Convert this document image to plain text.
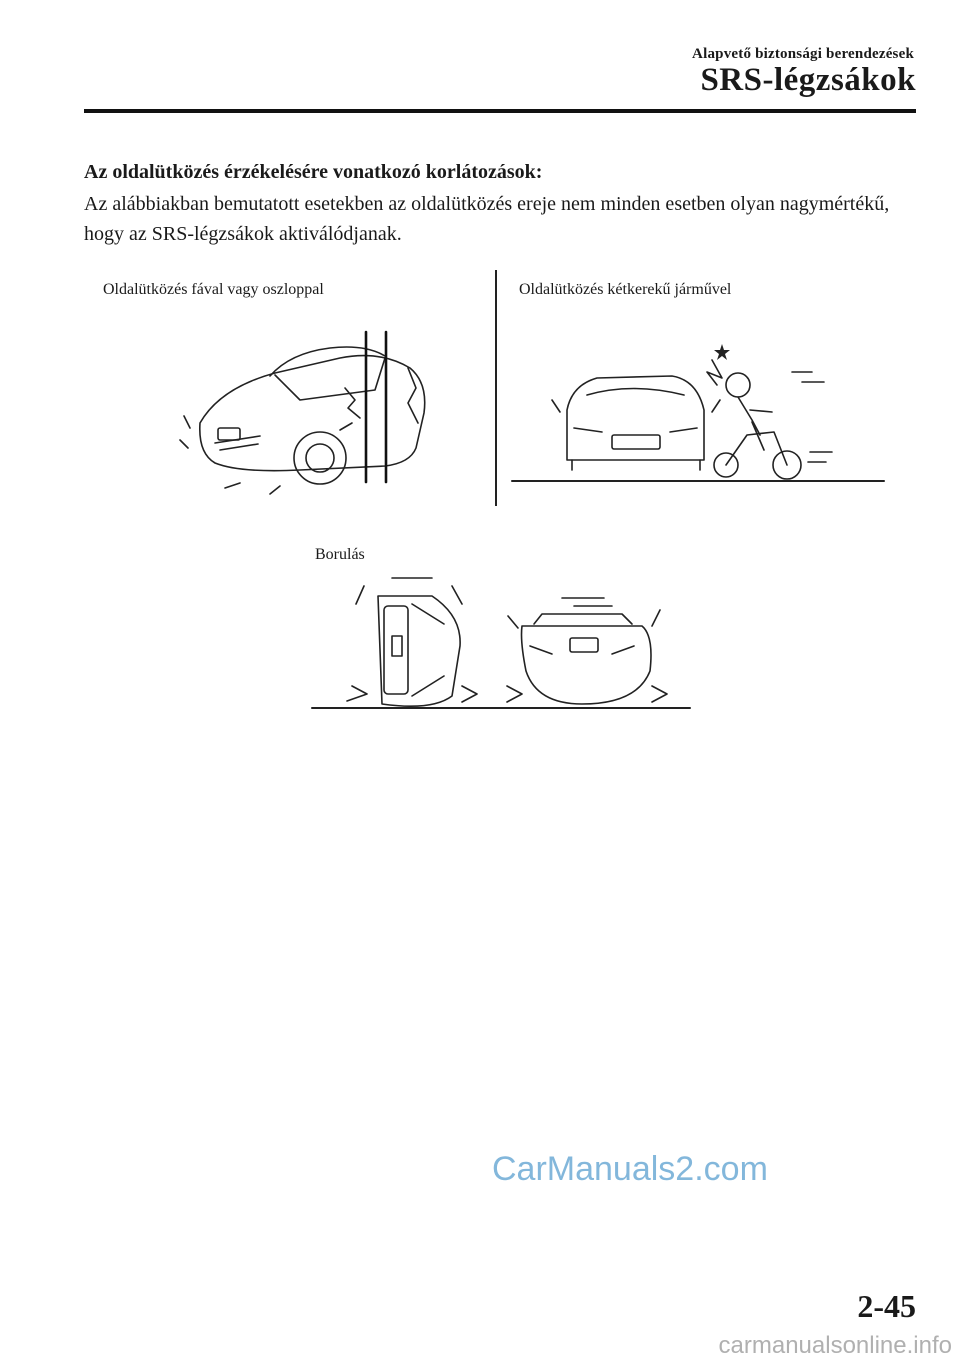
Alapvető biztonsági berendezések
SRS-légzsákok
Az oldalütközés érzékelésére vonatkozó korlátozások:
Az alábbiakban bemutatott esetekben az oldalütközés ereje nem minden esetben olyan nagymértékű, hogy az SRS-légzsákok aktiválódjanak.
Oldalütközés fával vagy oszloppal	Oldalütközés kétkerekű járművel
Borulás
CarManuals2.com
2-45
carmanualsonline.info
